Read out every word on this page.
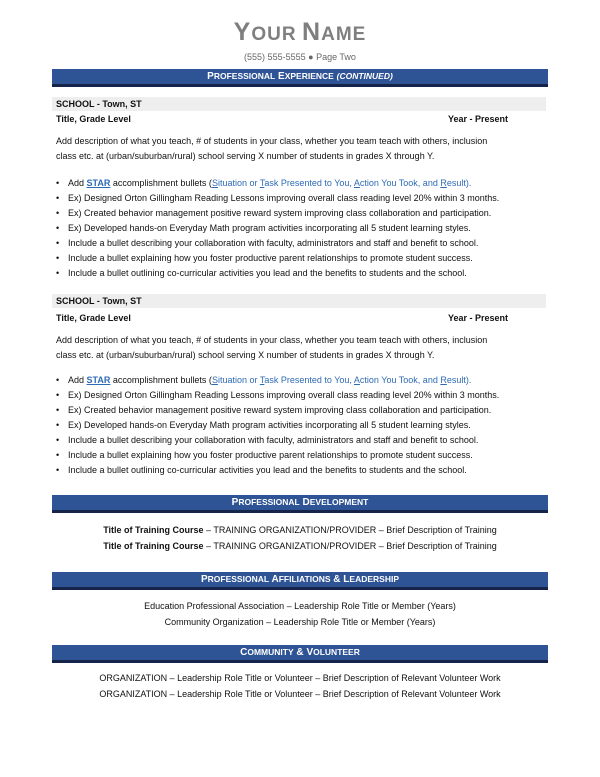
YOUR NAME
(555) 555-5555 ● Page Two
PROFESSIONAL EXPERIENCE (CONTINUED)
SCHOOL - Town, ST
Title, Grade Level	Year - Present
Add description of what you teach, # of students in your class, whether you team teach with others, inclusion
class etc. at (urban/suburban/rural) school serving X number of students in grades X through Y.
• Add STAR accomplishment bullets (Situation or Task Presented to You, Action You Took, and Result).
• Ex) Designed Orton Gillingham Reading Lessons improving overall class reading level 20% within 3 months.
• Ex) Created behavior management positive reward system improving class collaboration and participation.
• Ex) Developed hands-on Everyday Math program activities incorporating all 5 student learning styles.
• Include a bullet describing your collaboration with faculty, administrators and staff and benefit to school.
• Include a bullet explaining how you foster productive parent relationships to promote student success.
• Include a bullet outlining co-curricular activities you lead and the benefits to students and the school.
SCHOOL - Town, ST
Title, Grade Level	Year - Present
Add description of what you teach, # of students in your class, whether you team teach with others, inclusion
class etc. at (urban/suburban/rural) school serving X number of students in grades X through Y.
• Add STAR accomplishment bullets (Situation or Task Presented to You, Action You Took, and Result).
• Ex) Designed Orton Gillingham Reading Lessons improving overall class reading level 20% within 3 months.
• Ex) Created behavior management positive reward system improving class collaboration and participation.
• Ex) Developed hands-on Everyday Math program activities incorporating all 5 student learning styles.
• Include a bullet describing your collaboration with faculty, administrators and staff and benefit to school.
• Include a bullet explaining how you foster productive parent relationships to promote student success.
• Include a bullet outlining co-curricular activities you lead and the benefits to students and the school.
PROFESSIONAL DEVELOPMENT
Title of Training Course – TRAINING ORGANIZATION/PROVIDER – Brief Description of Training
Title of Training Course – TRAINING ORGANIZATION/PROVIDER – Brief Description of Training
PROFESSIONAL AFFILIATIONS & LEADERSHIP
Education Professional Association – Leadership Role Title or Member (Years)
Community Organization – Leadership Role Title or Member (Years)
COMMUNITY & VOLUNTEER
ORGANIZATION – Leadership Role Title or Volunteer – Brief Description of Relevant Volunteer Work
ORGANIZATION – Leadership Role Title or Volunteer – Brief Description of Relevant Volunteer Work
